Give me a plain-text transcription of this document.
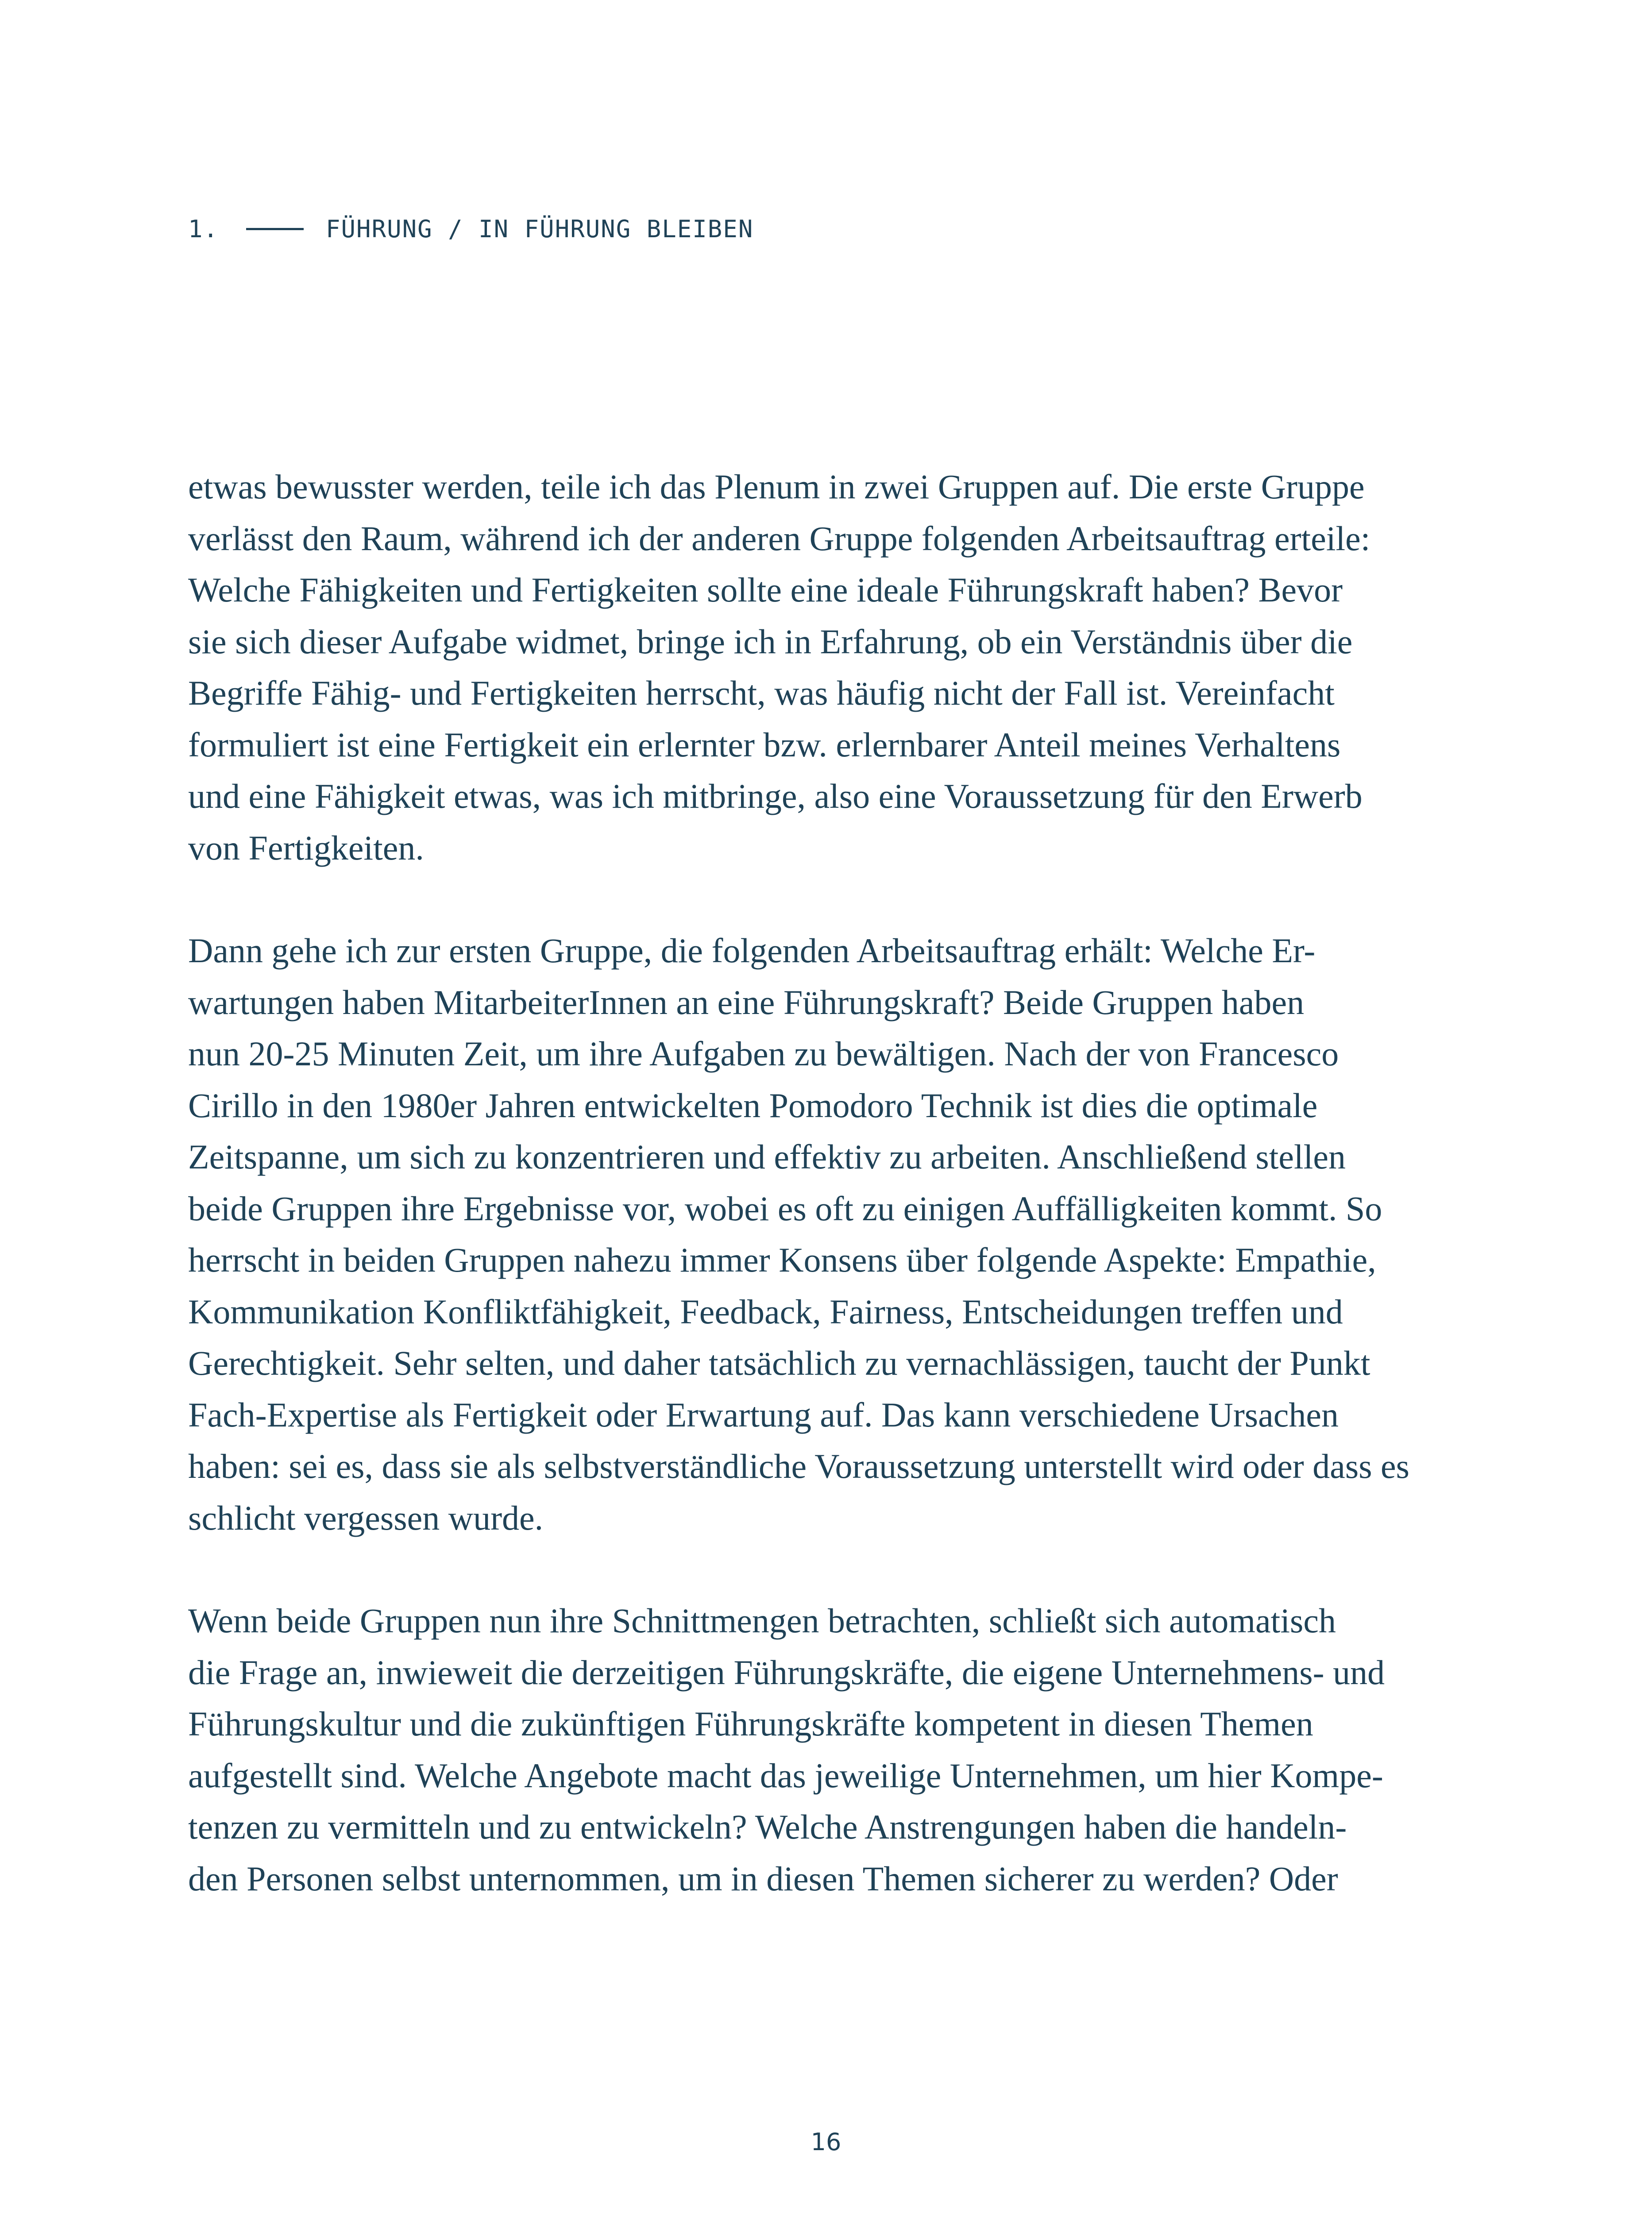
1.	FÜHRUNG / IN FÜHRUNG BLEIBEN
etwas bewusster werden, teile ich das Plenum in zwei Gruppen auf. Die erste Gruppe
verlässt den Raum, während ich der anderen Gruppe folgenden Arbeitsauftrag erteile:
Welche Fähigkeiten und Fertigkeiten sollte eine ideale Führungskraft haben? Bevor
sie sich dieser Aufgabe widmet, bringe ich in Erfahrung, ob ein Verständnis über die
Begriffe Fähig- und Fertigkeiten herrscht, was häufig nicht der Fall ist. Vereinfacht
formuliert ist eine Fertigkeit ein erlernter bzw. erlernbarer Anteil meines Verhaltens
und eine Fähigkeit etwas, was ich mitbringe, also eine Voraussetzung für den Erwerb
von Fertigkeiten.
Dann gehe ich zur ersten Gruppe, die folgenden Arbeitsauftrag erhält: Welche Er-
wartungen haben MitarbeiterInnen an eine Führungskraft? Beide Gruppen haben
nun 20-25 Minuten Zeit, um ihre Aufgaben zu bewältigen. Nach der von Francesco
Cirillo in den 1980er Jahren entwickelten Pomodoro Technik ist dies die optimale
Zeitspanne, um sich zu konzentrieren und effektiv zu arbeiten. Anschließend stellen
beide Gruppen ihre Ergebnisse vor, wobei es oft zu einigen Auffälligkeiten kommt. So
herrscht in beiden Gruppen nahezu immer Konsens über folgende Aspekte: Empathie,
Kommunikation Konfliktfähigkeit, Feedback, Fairness, Entscheidungen treffen und
Gerechtigkeit. Sehr selten, und daher tatsächlich zu vernachlässigen, taucht der Punkt
Fach-Expertise als Fertigkeit oder Erwartung auf. Das kann verschiedene Ursachen
haben: sei es, dass sie als selbstverständliche Voraussetzung unterstellt wird oder dass es
schlicht vergessen wurde.
Wenn beide Gruppen nun ihre Schnittmengen betrachten, schließt sich automatisch
die Frage an, inwieweit die derzeitigen Führungskräfte, die eigene Unternehmens- und
Führungskultur und die zukünftigen Führungskräfte kompetent in diesen Themen
aufgestellt sind. Welche Angebote macht das jeweilige Unternehmen, um hier Kompe-
tenzen zu vermitteln und zu entwickeln? Welche Anstrengungen haben die handeln-
den Personen selbst unternommen, um in diesen Themen sicherer zu werden? Oder
16
